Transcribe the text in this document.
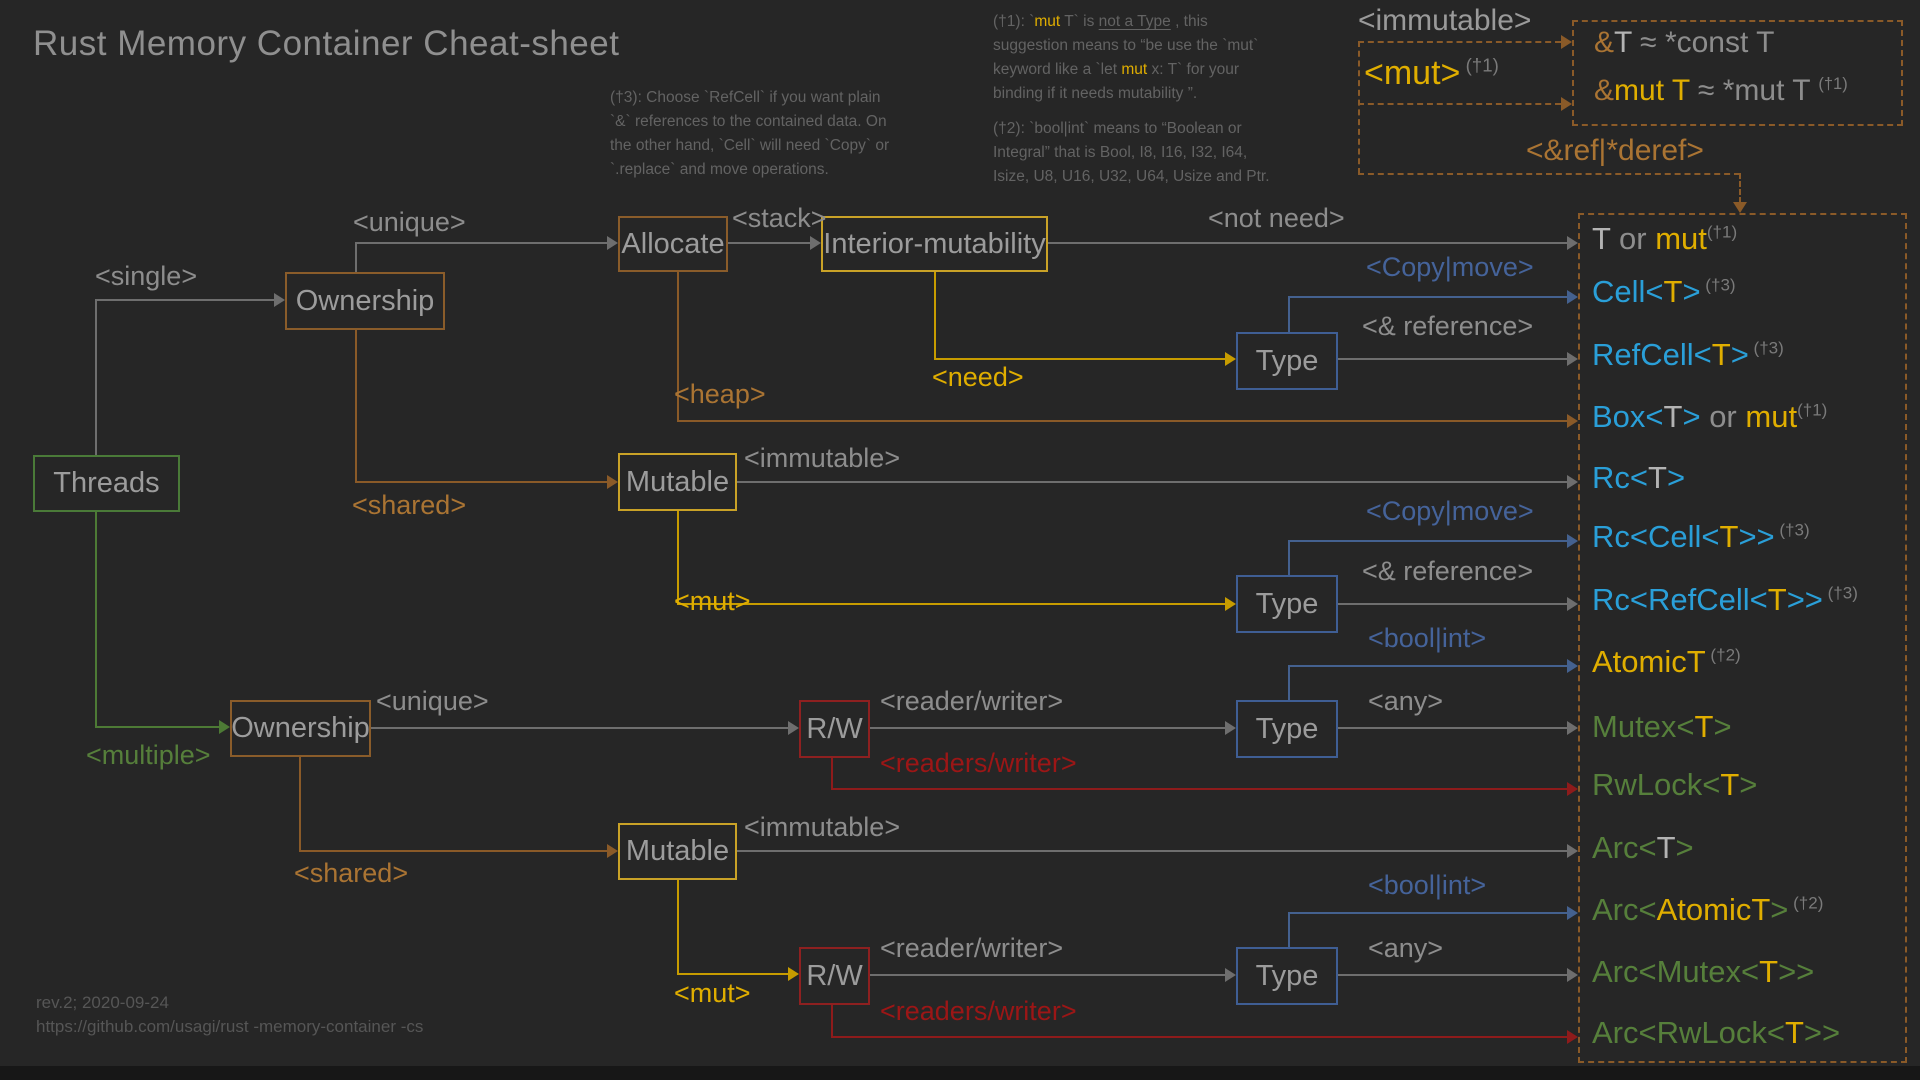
Rust Memory Container Cheat-sheet
(†3): Choose `RefCell` if you want plain
`&` references to the contained data. On
the other hand, `Cell` will need `Copy` or
`.replace` and move operations.
(†1): `mut T` is not a Type , this
suggestion means to “be use the `mut`
keyword like a `let mut x: T` for your
binding if it needs mutability ”.
(†2): `bool|int` means to “Boolean or
Integral” that is Bool, I8, I16, I32, I64,
Isize, U8, U16, U32, U64, Usize and Ptr.
<immutable>
<mut> $^{(\dagger 1)}$
&T ≈ *const T
&mut T ≈ *mut T $^{(\dagger 1)}$
<&ref|*deref>
Threads
Ownership
Allocate	Interior-mutability
Type
Mutable
Type
Ownership	R/W	Type
Mutable
R/W	Type
<single>
<unique>	<stack>	<not need>
<Copy|move>
<& reference>
<heap>
<need>
<shared>
<immutable>
<Copy|move>
<& reference>
<mut>
<bool|int>
<any>
<multiple>
<unique>	<reader/writer>
<readers/writer>
<shared>
<immutable>
<mut>
<bool|int>
<any>
<reader/writer>
<readers/writer>
T or mut$^{(\dagger 1)}$
Cell<T> $^{(\dagger 3)}$
RefCell<T> $^{(\dagger 3)}$
Box<T> or mut$^{(\dagger 1)}$
Rc<T>
Rc<Cell<T>> $^{(\dagger 3)}$
Rc<RefCell<T>> $^{(\dagger 3)}$
AtomicT $^{(\dagger 2)}$
Mutex<T>
RwLock<T>
Arc<T>
Arc<AtomicT> $^{(\dagger 2)}$
Arc<Mutex<T>>
Arc<RwLock<T>>
rev.2; 2020-09-24
https://github.com/usagi/rust -memory-container -cs
